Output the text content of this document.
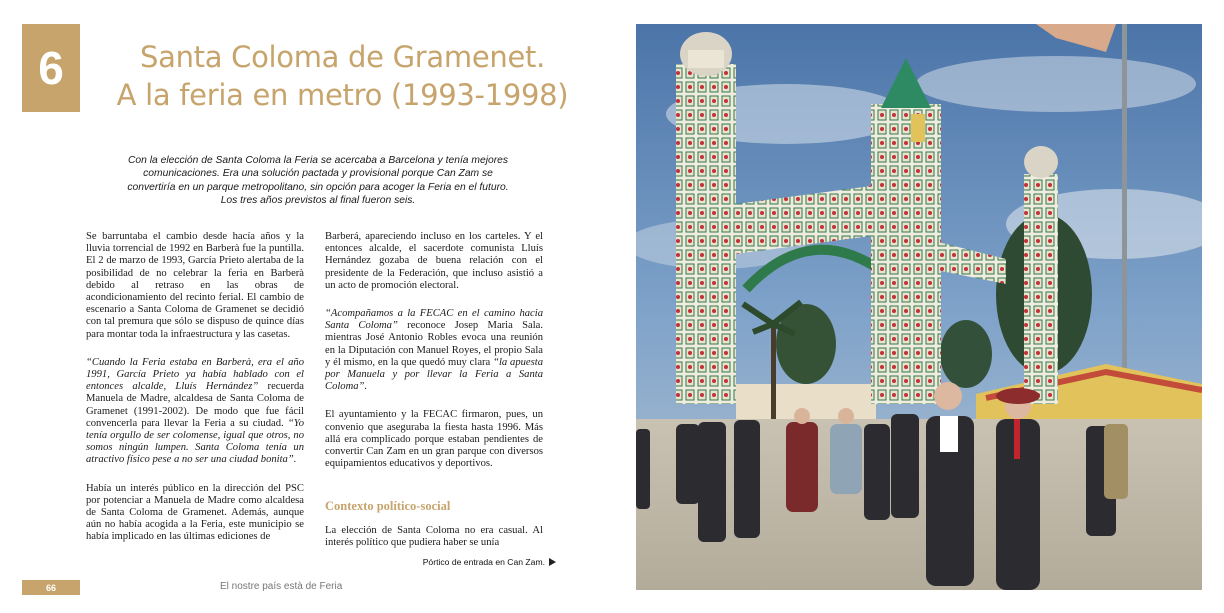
6	Santa Coloma de Gramenet.
A la feria en metro (1993-1998)
Con la elección de Santa Coloma la Feria se acercaba a Barcelona y tenía mejores
comunicaciones. Era una solución pactada y provisional porque Can Zam se
convertiría en un parque metropolitano, sin opción para acoger la Feria en el futuro.
Los tres años previstos al final fueron seis.

Se barruntaba el cambio desde hacía años y la lluvia torrencial de 1992 en Barberà fue la puntilla. El 2 de marzo de 1993, García Prieto alertaba de la posibilidad de no celebrar la feria en Barberà debido al retraso en las obras de acondicionamiento del recinto ferial. El cambio de escenario a Santa Coloma de Gramenet se decidió con tal premura que sólo se dispuso de quince días para montar toda la infraestructura y las casetas.

“Cuando la Feria estaba en Barberà, era el año 1991, García Prieto ya había hablado con el entonces alcalde, Lluís Hernández” recuerda Manuela de Madre, alcaldesa de Santa Coloma de Gramenet (1991-2002). De modo que fue fácil convencerla para llevar la Feria a su ciudad. “Yo tenía orgullo de ser colomense, igual que otros, no somos ningún lumpen. Santa Coloma tenía un atractivo físico pese a no ser una ciudad bonita”.

Había un interés público en la dirección del PSC por potenciar a Manuela de Madre como alcaldesa de Santa Coloma de Gramenet. Además, aunque aún no había acogida a la Feria, este municipio se había implicado en las últimas ediciones de

Barberá, apareciendo incluso en los carteles. Y el entonces alcalde, el sacerdote comunista Lluís Hernández gozaba de buena relación con el presidente de la Federación, que incluso asistió a un acto de promoción electoral.

“Acompañamos a la FECAC en el camino hacia Santa Coloma” reconoce Josep Maria Sala. mientras José Antonio Robles evoca una reunión en la Diputación con Manuel Royes, el propio Sala y él mismo, en la que quedó muy clara “la apuesta por Manuela y por llevar la Feria a Santa Coloma”.

El ayuntamiento y la FECAC firmaron, pues, un convenio que aseguraba la fiesta hasta 1996. Más allá era complicado porque estaban pendientes de convertir Can Zam en un gran parque con diversos equipamientos educativos y deportivos.

Contexto político-social

La elección de Santa Coloma no era casual. Al interés político que pudiera haber se unía

Pórtico de entrada en Can Zam.
66	El nostre país està de Feria
